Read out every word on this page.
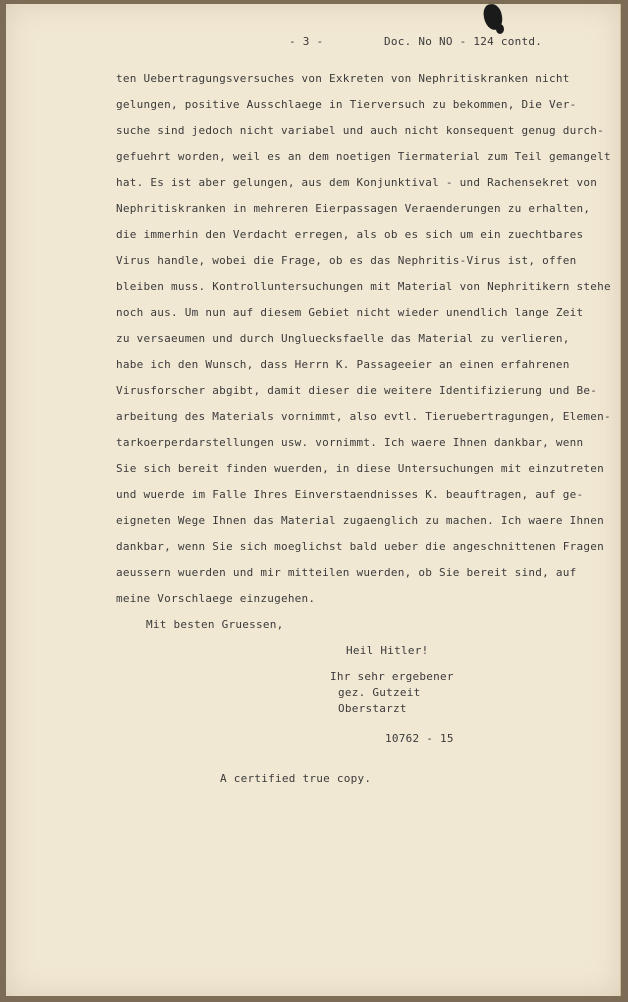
- 3 -	Doc. No NO - 124 contd.
ten Uebertragungsversuches von Exkreten von Nephritiskranken nicht
gelungen, positive Ausschlaege in Tierversuch zu bekommen, Die Ver-
suche sind jedoch nicht variabel und auch nicht konsequent genug durch-
gefuehrt worden, weil es an dem noetigen Tiermaterial zum Teil gemangelt
hat. Es ist aber gelungen, aus dem Konjunktival - und Rachensekret von
Nephritiskranken in mehreren Eierpassagen Veraenderungen zu erhalten,
die immerhin den Verdacht erregen, als ob es sich um ein zuechtbares
Virus handle, wobei die Frage, ob es das Nephritis-Virus ist, offen
bleiben muss. Kontrolluntersuchungen mit Material von Nephritikern stehe
noch aus. Um nun auf diesem Gebiet nicht wieder unendlich lange Zeit
zu versaeumen und durch Ungluecksfaelle das Material zu verlieren,
habe ich den Wunsch, dass Herrn K. Passageeier an einen erfahrenen
Virusforscher abgibt, damit dieser die weitere Identifizierung und Be-
arbeitung des Materials vornimmt, also evtl. Tieruebertragungen, Elemen-
tarkoerperdarstellungen usw. vornimmt. Ich waere Ihnen dankbar, wenn
Sie sich bereit finden wuerden, in diese Untersuchungen mit einzutreten
und wuerde im Falle Ihres Einverstaendnisses K. beauftragen, auf ge-
eigneten Wege Ihnen das Material zugaenglich zu machen. Ich waere Ihnen
dankbar, wenn Sie sich moeglichst bald ueber die angeschnittenen Fragen
aeussern wuerden und mir mitteilen wuerden, ob Sie bereit sind, auf
meine Vorschlaege einzugehen.
Mit besten Gruessen,
Heil Hitler!
Ihr sehr ergebener
gez. Gutzeit
Oberstarzt
10762 - 15
A certified true copy.
